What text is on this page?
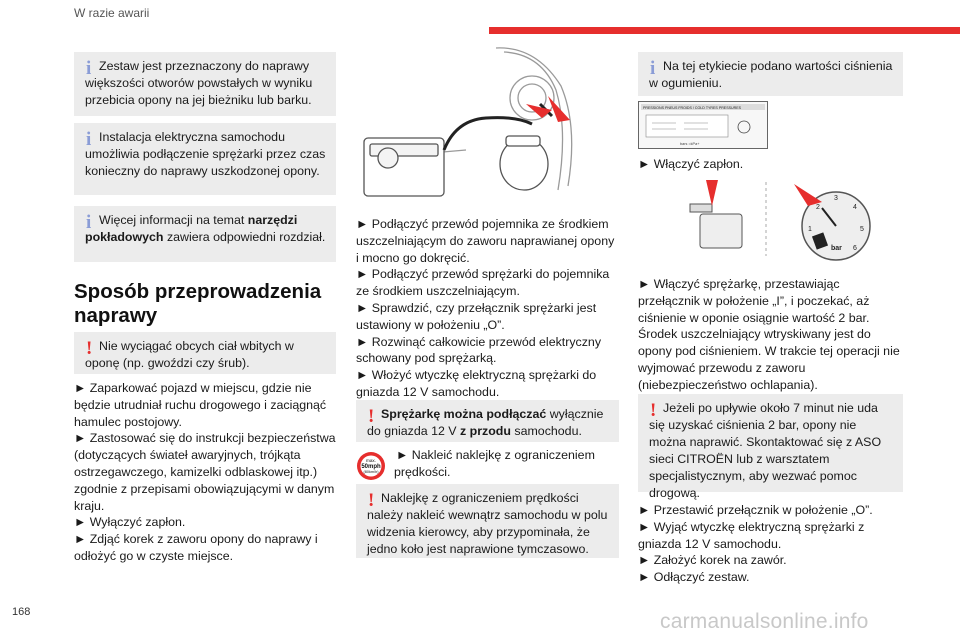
W razie awarii
168	carmanualsonline.info
i Zestaw jest przeznaczony do naprawy większości otworów powstałych w wyniku przebicia opony na jej bieżniku lub barku.

i Instalacja elektryczna samochodu umożliwia podłączenie sprężarki przez czas konieczny do naprawy uszkodzonej opony.

i Więcej informacji na temat narzędzi pokładowych zawiera odpowiedni rozdział.

Sposób przeprowadzenia naprawy
! Nie wyciągać obcych ciał wbitych w oponę (np. gwoździ czy śrub).

► Zaparkować pojazd w miejscu, gdzie nie będzie utrudniał ruchu drogowego i zaciągnąć hamulec postojowy.
► Zastosować się do instrukcji bezpieczeństwa (dotyczących świateł awaryjnych, trójkąta ostrzegawczego, kamizelki odblaskowej itp.) zgodnie z przepisami obowiązującymi w danym kraju.
► Wyłączyć zapłon.
► Zdjąć korek z zaworu opony do naprawy i odłożyć go w czyste miejsce.
► Podłączyć przewód pojemnika ze środkiem uszczelniającym do zaworu naprawianej opony i mocno go dokręcić.
► Podłączyć przewód sprężarki do pojemnika ze środkiem uszczelniającym.
► Sprawdzić, czy przełącznik sprężarki jest ustawiony w położeniu „O”.
► Rozwinąć całkowicie przewód elektryczny schowany pod sprężarką.
► Włożyć wtyczkę elektryczną sprężarki do gniazda 12 V samochodu.
! Sprężarkę można podłączać wyłącznie do gniazda 12 V z przodu samochodu.

max.
50mph
(80km/h)
► Nakleić naklejkę z ograniczeniem prędkości.
! Naklejkę z ograniczeniem prędkości należy nakleić wewnątrz samochodu w polu widzenia kierowcy, aby przypominała, że jedno koło jest naprawione tymczasowo.

i Na tej etykiecie podano wartości ciśnienia w ogumieniu.

PRESSIONS PNEUS FROIDS / COLD TYRES PRESSURES
bars =kPa+
► Włączyć zapłon.
1
2
3
4
5
6
bar
► Włączyć sprężarkę, przestawiając przełącznik w położenie „I”, i poczekać, aż ciśnienie w oponie osiągnie wartość 2 bar. Środek uszczelniający wtryskiwany jest do opony pod ciśnieniem. W trakcie tej operacji nie wyjmować przewodu z zaworu (niebezpieczeństwo ochlapania).
! Jeżeli po upływie około 7 minut nie uda się uzyskać ciśnienia 2 bar, opony nie można naprawić. Skontaktować się z ASO sieci CITROËN lub z warsztatem specjalistycznym, aby wezwać pomoc drogową.

► Przestawić przełącznik w położenie „O”.
► Wyjąć wtyczkę elektryczną sprężarki z gniazda 12 V samochodu.
► Założyć korek na zawór.
► Odłączyć zestaw.
